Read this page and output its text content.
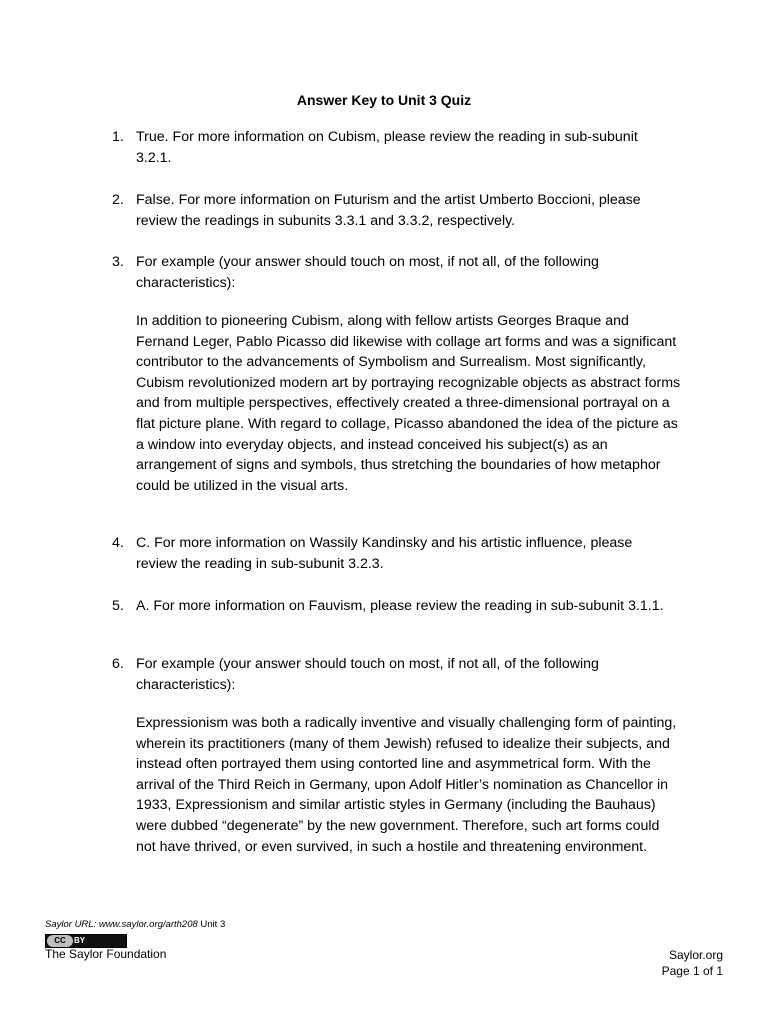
Answer Key to Unit 3 Quiz
1. True. For more information on Cubism, please review the reading in sub-subunit 3.2.1.
2. False. For more information on Futurism and the artist Umberto Boccioni, please review the readings in subunits 3.3.1 and 3.3.2, respectively.
3. For example (your answer should touch on most, if not all, of the following characteristics):
In addition to pioneering Cubism, along with fellow artists Georges Braque and Fernand Leger, Pablo Picasso did likewise with collage art forms and was a significant contributor to the advancements of Symbolism and Surrealism. Most significantly, Cubism revolutionized modern art by portraying recognizable objects as abstract forms and from multiple perspectives, effectively created a three-dimensional portrayal on a flat picture plane. With regard to collage, Picasso abandoned the idea of the picture as a window into everyday objects, and instead conceived his subject(s) as an arrangement of signs and symbols, thus stretching the boundaries of how metaphor could be utilized in the visual arts.
4. C. For more information on Wassily Kandinsky and his artistic influence, please review the reading in sub-subunit 3.2.3.
5. A. For more information on Fauvism, please review the reading in sub-subunit 3.1.1.
6. For example (your answer should touch on most, if not all, of the following characteristics):
Expressionism was both a radically inventive and visually challenging form of painting, wherein its practitioners (many of them Jewish) refused to idealize their subjects, and instead often portrayed them using contorted line and asymmetrical form. With the arrival of the Third Reich in Germany, upon Adolf Hitler’s nomination as Chancellor in 1933, Expressionism and similar artistic styles in Germany (including the Bauhaus) were dubbed “degenerate” by the new government. Therefore, such art forms could not have thrived, or even survived, in such a hostile and threatening environment.
Saylor URL: www.saylor.org/arth208 Unit 3
CC	BY
The Saylor Foundation	Saylor.org
Page 1 of 1
